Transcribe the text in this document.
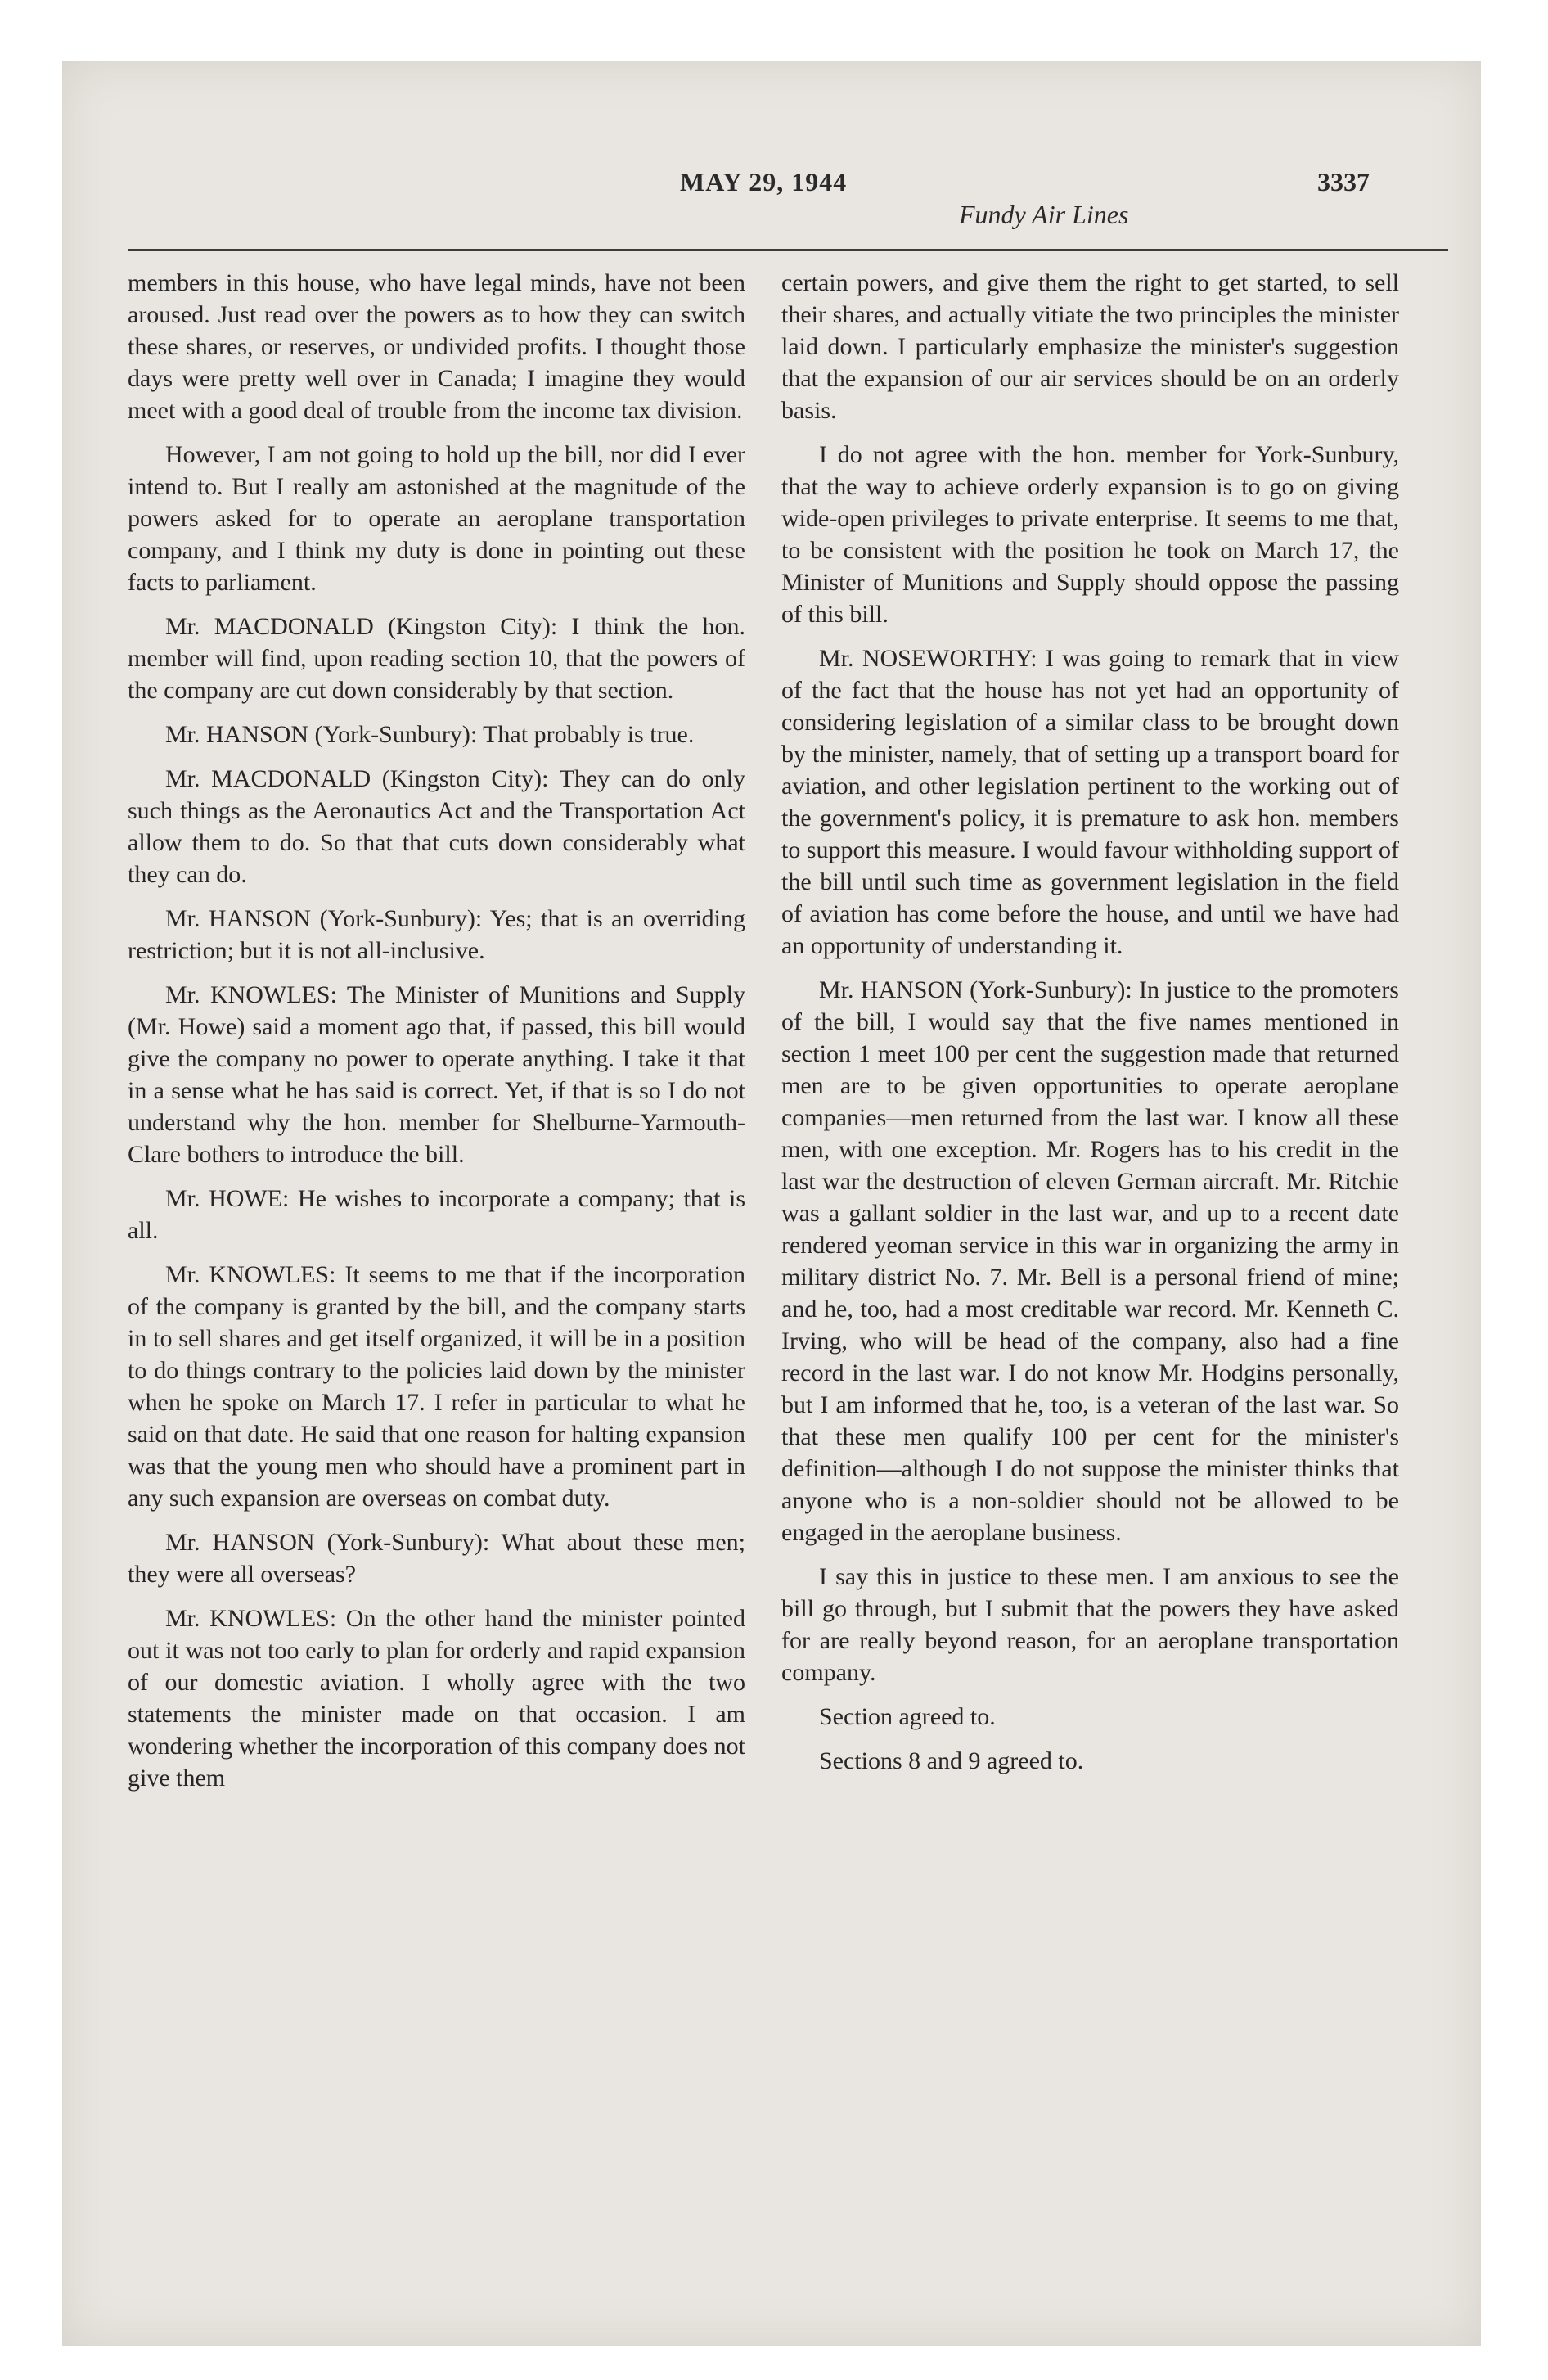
MAY 29, 1944
Fundy Air Lines
3337

members in this house, who have legal minds, have not been aroused. Just read over the powers as to how they can switch these shares, or reserves, or undivided profits. I thought those days were pretty well over in Canada; I imagine they would meet with a good deal of trouble from the income tax division.

However, I am not going to hold up the bill, nor did I ever intend to. But I really am astonished at the magnitude of the powers asked for to operate an aeroplane transportation company, and I think my duty is done in pointing out these facts to parliament.

Mr. MACDONALD (Kingston City): I think the hon. member will find, upon reading section 10, that the powers of the company are cut down considerably by that section.

Mr. HANSON (York-Sunbury): That probably is true.

Mr. MACDONALD (Kingston City): They can do only such things as the Aeronautics Act and the Transportation Act allow them to do. So that that cuts down considerably what they can do.

Mr. HANSON (York-Sunbury): Yes; that is an overriding restriction; but it is not all-inclusive.

Mr. KNOWLES: The Minister of Munitions and Supply (Mr. Howe) said a moment ago that, if passed, this bill would give the company no power to operate anything. I take it that in a sense what he has said is correct. Yet, if that is so I do not understand why the hon. member for Shelburne-Yarmouth-Clare bothers to introduce the bill.

Mr. HOWE: He wishes to incorporate a company; that is all.

Mr. KNOWLES: It seems to me that if the incorporation of the company is granted by the bill, and the company starts in to sell shares and get itself organized, it will be in a position to do things contrary to the policies laid down by the minister when he spoke on March 17. I refer in particular to what he said on that date. He said that one reason for halting expansion was that the young men who should have a prominent part in any such expansion are overseas on combat duty.

Mr. HANSON (York-Sunbury): What about these men; they were all overseas?

Mr. KNOWLES: On the other hand the minister pointed out it was not too early to plan for orderly and rapid expansion of our domestic aviation. I wholly agree with the two statements the minister made on that occasion. I am wondering whether the incorporation of this company does not give them

certain powers, and give them the right to get started, to sell their shares, and actually vitiate the two principles the minister laid down. I particularly emphasize the minister's suggestion that the expansion of our air services should be on an orderly basis.

I do not agree with the hon. member for York-Sunbury, that the way to achieve orderly expansion is to go on giving wide-open privileges to private enterprise. It seems to me that, to be consistent with the position he took on March 17, the Minister of Munitions and Supply should oppose the passing of this bill.

Mr. NOSEWORTHY: I was going to remark that in view of the fact that the house has not yet had an opportunity of considering legislation of a similar class to be brought down by the minister, namely, that of setting up a transport board for aviation, and other legislation pertinent to the working out of the government's policy, it is premature to ask hon. members to support this measure. I would favour withholding support of the bill until such time as government legislation in the field of aviation has come before the house, and until we have had an opportunity of understanding it.

Mr. HANSON (York-Sunbury): In justice to the promoters of the bill, I would say that the five names mentioned in section 1 meet 100 per cent the suggestion made that returned men are to be given opportunities to operate aeroplane companies—men returned from the last war. I know all these men, with one exception. Mr. Rogers has to his credit in the last war the destruction of eleven German aircraft. Mr. Ritchie was a gallant soldier in the last war, and up to a recent date rendered yeoman service in this war in organizing the army in military district No. 7. Mr. Bell is a personal friend of mine; and he, too, had a most creditable war record. Mr. Kenneth C. Irving, who will be head of the company, also had a fine record in the last war. I do not know Mr. Hodgins personally, but I am informed that he, too, is a veteran of the last war. So that these men qualify 100 per cent for the minister's definition—although I do not suppose the minister thinks that anyone who is a non-soldier should not be allowed to be engaged in the aeroplane business.

I say this in justice to these men. I am anxious to see the bill go through, but I submit that the powers they have asked for are really beyond reason, for an aeroplane transportation company.

Section agreed to.

Sections 8 and 9 agreed to.
